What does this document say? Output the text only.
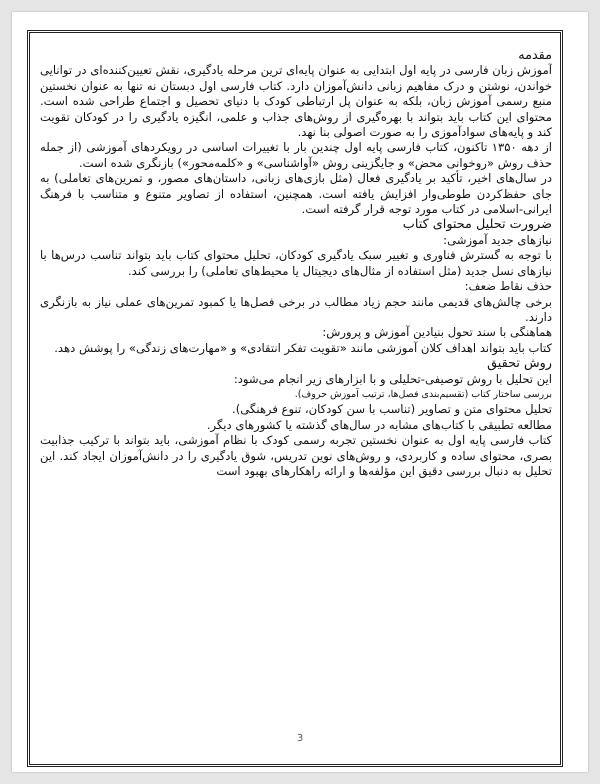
مقدمه

آموزش زبان فارسی در پایه اول ابتدایی به عنوان پایه‌ای ترین مرحله یادگیری، نقش تعیین‌کننده‌ای در توانایی خواندن، نوشتن و درک مفاهیم زبانی دانش‌آموزان دارد. کتاب فارسی اول دبستان نه تنها به عنوان نخستین منبع رسمی آموزش زبان، بلکه به عنوان پل ارتباطی کودک با دنیای تحصیل و اجتماع طراحی شده است. محتوای این کتاب باید بتواند با بهره‌گیری از روش‌های جذاب و علمی، انگیزه یادگیری را در کودکان تقویت کند و پایه‌های سوادآموزی را به صورت اصولی بنا نهد.

از دهه ۱۳۵۰ تاکنون، کتاب فارسی پایه اول چندین بار با تغییرات اساسی در رویکردهای آموزشی (از جمله حذف روش «روخوانی محض» و جایگزینی روش «آواشناسی» و «کلمه‌محور») بازنگری شده است.

در سال‌های اخیر، تأکید بر یادگیری فعال (مثل بازی‌های زبانی، داستان‌های مصور، و تمرین‌های تعاملی) به جای حفظ‌کردن طوطی‌وار افزایش یافته است. همچنین، استفاده از تصاویر متنوع و متناسب با فرهنگ ایرانی-اسلامی در کتاب مورد توجه قرار گرفته است.

ضرورت تحلیل محتوای کتاب

نیازهای جدید آموزشی:

با توجه به گسترش فناوری و تغییر سبک یادگیری کودکان، تحلیل محتوای کتاب باید بتواند تناسب درس‌ها با نیازهای نسل جدید (مثل استفاده از مثال‌های دیجیتال یا محیط‌های تعاملی) را بررسی کند.

حذف نقاط ضعف:

برخی چالش‌های قدیمی مانند حجم زیاد مطالب در برخی فصل‌ها یا کمبود تمرین‌های عملی نیاز به بازنگری دارند.

هماهنگی با سند تحول بنیادین آموزش و پرورش:

کتاب باید بتواند اهداف کلان آموزشی مانند «تقویت تفکر انتقادی» و «مهارت‌های زندگی» را پوشش دهد.

روش تحقیق

این تحلیل با روش توصیفی-تحلیلی و با ابزارهای زیر انجام می‌شود:

بررسی ساختار کتاب (تقسیم‌بندی فصل‌ها، ترتیب آموزش حروف).

تحلیل محتوای متن و تصاویر (تناسب با سن کودکان، تنوع فرهنگی).

مطالعه تطبیقی با کتاب‌های مشابه در سال‌های گذشته یا کشورهای دیگر.

کتاب فارسی پایه اول به عنوان نخستین تجربه رسمی کودک با نظام آموزشی، باید بتواند با ترکیب جذابیت بصری، محتوای ساده و کاربردی، و روش‌های نوین تدریس، شوق یادگیری را در دانش‌آموزان ایجاد کند. این تحلیل به دنبال بررسی دقیق این مؤلفه‌ها و ارائه راهکارهای بهبود است

3
